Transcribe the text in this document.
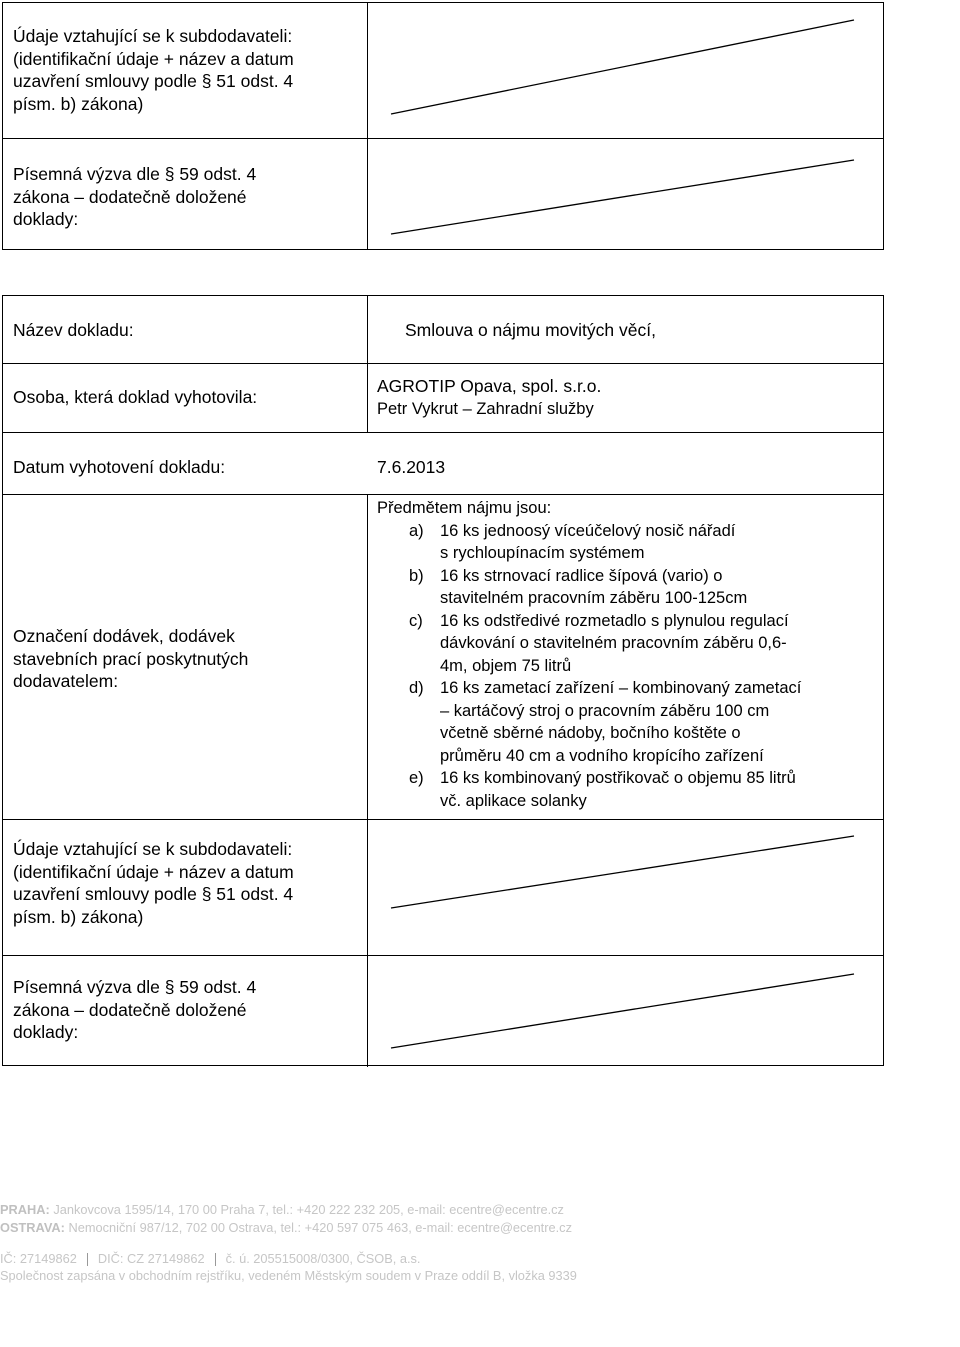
Údaje vztahující se k subdodavateli:
(identifikační údaje + název a datum
uzavření smlouvy podle § 51 odst. 4
písm. b) zákona)
Písemná výzva dle § 59 odst. 4
zákona – dodatečně doložené
doklady:
Název dokladu:	Smlouva o nájmu movitých věcí,
Osoba, která doklad vyhotovila:
AGROTIP Opava, spol. s.r.o.
Petr Vykrut – Zahradní služby
Datum vyhotovení dokladu:	7.6.2013
Označení dodávek, dodávek
stavebních prací poskytnutých
dodavatelem:
Údaje vztahující se k subdodavateli:
(identifikační údaje + název a datum
uzavření smlouvy podle § 51 odst. 4
písm. b) zákona)
Písemná výzva dle § 59 odst. 4
zákona – dodatečně doložené
doklady:
Předmětem nájmu jsou:
a) 16 ks jednoosý víceúčelový nosič nářadí
s rychloupínacím systémem
b) 16 ks strnovací radlice šípová (vario) o
stavitelném pracovním záběru 100-125cm
c) 16 ks odstředivé rozmetadlo s plynulou regulací
dávkování o stavitelném pracovním záběru 0,6-
4m, objem 75 litrů
d) 16 ks zametací zařízení – kombinovaný zametací
– kartáčový stroj o pracovním záběru 100 cm
včetně sběrné nádoby, bočního koštěte o
průměru 40 cm a vodního kropícího zařízení
e) 16 ks kombinovaný postřikovač o objemu 85 litrů
vč. aplikace solanky
PRAHA: Jankovcova 1595/14, 170 00 Praha 7, tel.: +420 222 232 205, e-mail: ecentre@ecentre.cz
OSTRAVA: Nemocniční 987/12, 702 00 Ostrava, tel.: +420 597 075 463, e-mail: ecentre@ecentre.cz
IČ: 27149862 DIČ: CZ 27149862 č. ú. 205515008/0300, ČSOB, a.s.
Společnost zapsána v obchodním rejstříku, vedeném Městským soudem v Praze oddíl B, vložka 9339
